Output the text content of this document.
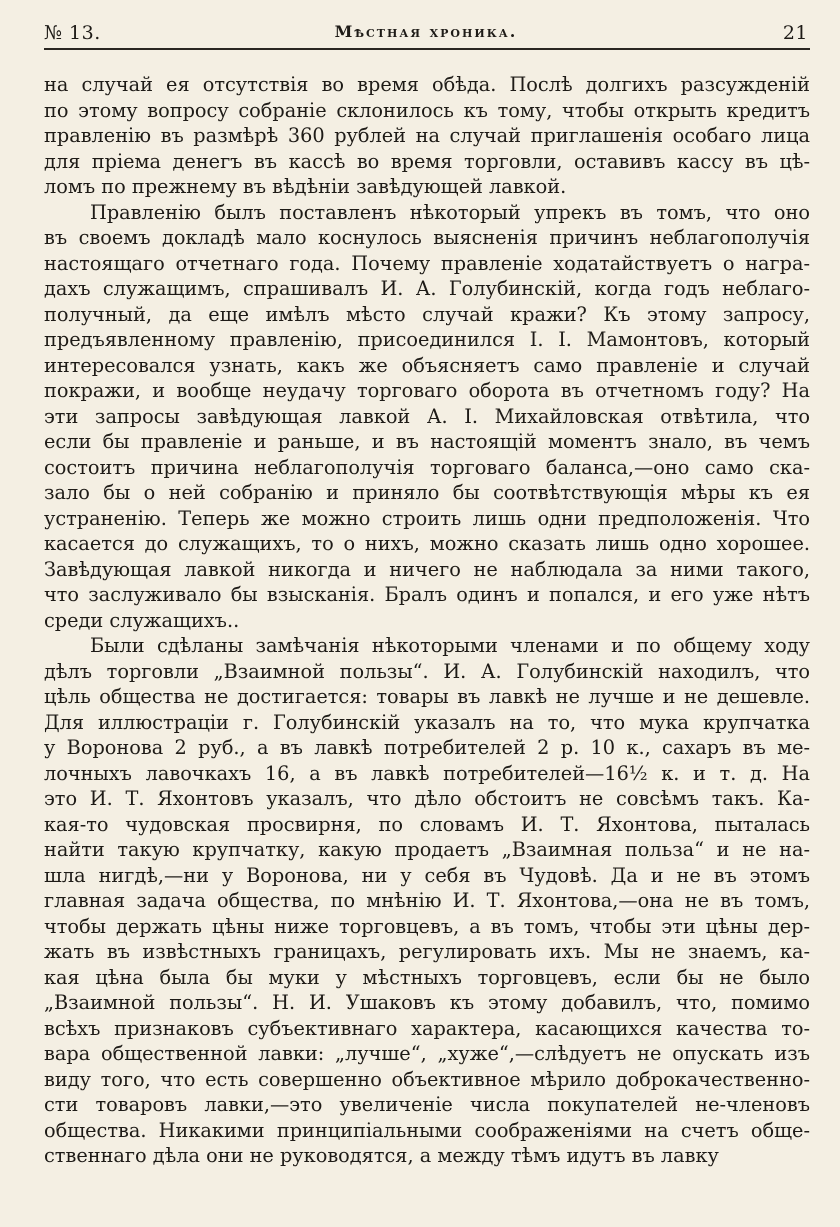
№ 13.	Мѣстная хроника.	21
на случай ея отсутствія во время обѣда. Послѣ долгихъ разсужденій
по этому вопросу собраніе склонилось къ тому, чтобы открыть кредитъ
правленію въ размѣрѣ 360 рублей на случай приглашенія особаго лица
для пріема денегъ въ кассѣ во время торговли, оставивъ кассу въ цѣ-
ломъ по прежнему въ вѣдѣніи завѣдующей лавкой.
Правленію былъ поставленъ нѣкоторый упрекъ въ томъ, что оно
въ своемъ докладѣ мало коснулось выясненія причинъ неблагополучія
настоящаго отчетнаго года. Почему правленіе ходатайствуетъ о награ-
дахъ служащимъ, спрашивалъ И. А. Голубинскій, когда годъ неблаго-
получный, да еще имѣлъ мѣсто случай кражи? Къ этому запросу,
предъявленному правленію, присоединился І. І. Мамонтовъ, который
интересовался узнать, какъ же объясняетъ само правленіе и случай
покражи, и вообще неудачу торговаго оборота въ отчетномъ году? На
эти запросы завѣдующая лавкой А. І. Михайловская отвѣтила, что
если бы правленіе и раньше, и въ настоящій моментъ знало, въ чемъ
состоитъ причина неблагополучія торговаго баланса,—оно само ска-
зало бы о ней собранію и приняло бы соотвѣтствующія мѣры къ ея
устраненію. Теперь же можно строить лишь одни предположенія. Что
касается до служащихъ, то о нихъ, можно сказать лишь одно хорошее.
Завѣдующая лавкой никогда и ничего не наблюдала за ними такого,
что заслуживало бы взысканія. Бралъ одинъ и попался, и его уже нѣтъ
среди служащихъ..
Были сдѣланы замѣчанія нѣкоторыми членами и по общему ходу
дѣлъ торговли „Взаимной пользы“. И. А. Голубинскій находилъ, что
цѣль общества не достигается: товары въ лавкѣ не лучше и не дешевле.
Для иллюстраціи г. Голубинскій указалъ на то, что мука крупчатка
у Воронова 2 руб., а въ лавкѣ потребителей 2 р. 10 к., сахаръ въ ме-
лочныхъ лавочкахъ 16, а въ лавкѣ потребителей—16½ к. и т. д. На
это И. Т. Яхонтовъ указалъ, что дѣло обстоитъ не совсѣмъ такъ. Ка-
кая-то чудовская просвирня, по словамъ И. Т. Яхонтова, пыталась
найти такую крупчатку, какую продаетъ „Взаимная польза“ и не на-
шла нигдѣ,—ни у Воронова, ни у себя въ Чудовѣ. Да и не въ этомъ
главная задача общества, по мнѣнію И. Т. Яхонтова,—она не въ томъ,
чтобы держать цѣны ниже торговцевъ, а въ томъ, чтобы эти цѣны дер-
жать въ извѣстныхъ границахъ, регулировать ихъ. Мы не знаемъ, ка-
кая цѣна была бы муки у мѣстныхъ торговцевъ, если бы не было
„Взаимной пользы“. Н. И. Ушаковъ къ этому добавилъ, что, помимо
всѣхъ признаковъ субъективнаго характера, касающихся качества то-
вара общественной лавки: „лучше“, „хуже“,—слѣдуетъ не опускать изъ
виду того, что есть совершенно объективное мѣрило доброкачественно-
сти товаровъ лавки,—это увеличеніе числа покупателей не-членовъ
общества. Никакими принципіальными соображеніями на счетъ обще-
ственнаго дѣла они не руководятся, а между тѣмъ идутъ въ лавку
